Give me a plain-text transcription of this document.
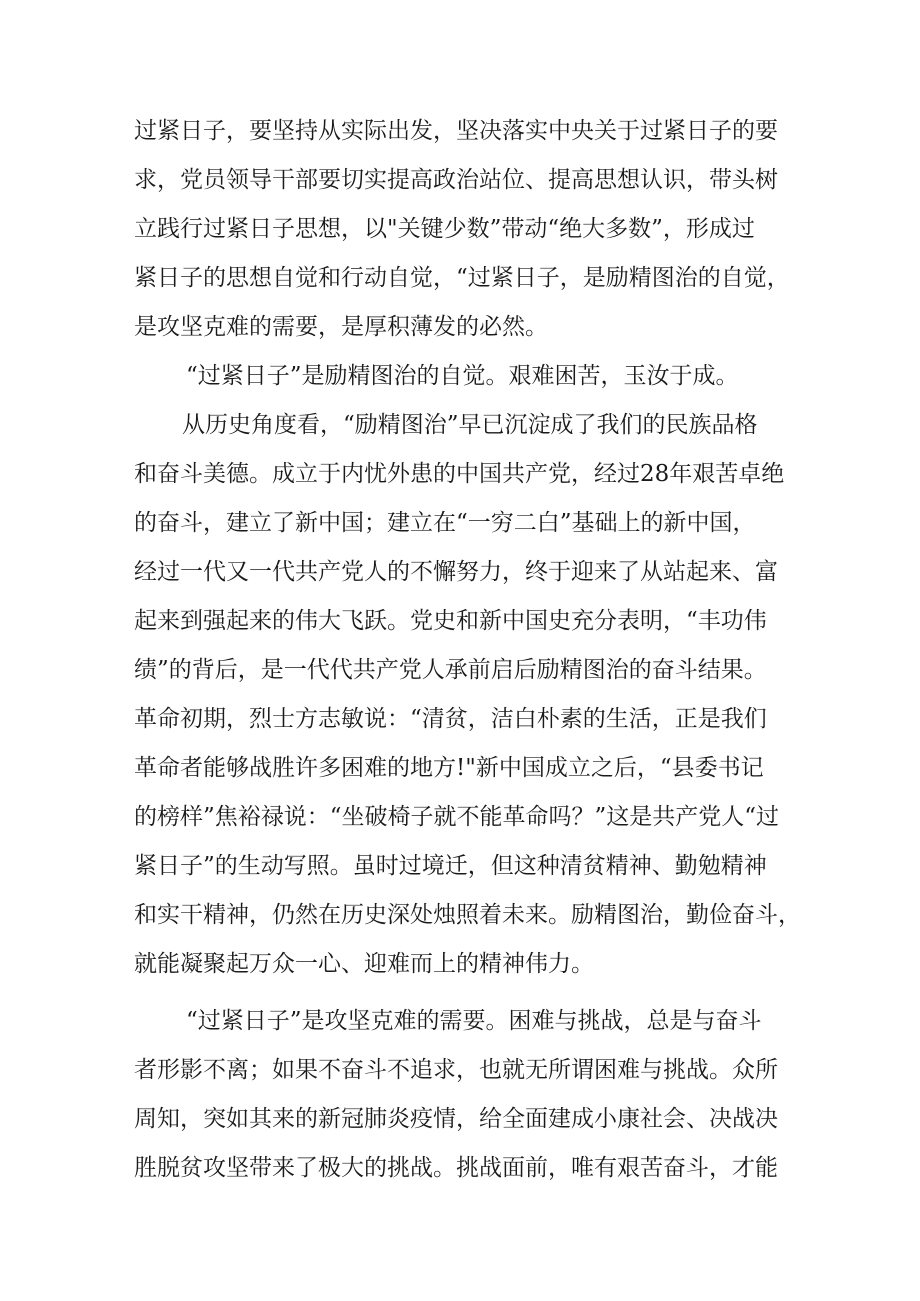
过紧日子，要坚持从实际出发，坚决落实中央关于过紧日子的要
求，党员领导干部要切实提高政治站位、提高思想认识，带头树
立践行过紧日子思想，以"关键少数”带动“绝大多数”，形成过
紧日子的思想自觉和行动自觉，“过紧日子，是励精图治的自觉，
是攻坚克难的需要，是厚积薄发的必然。
“过紧日子”是励精图治的自觉。艰难困苦，玉汝于成。
从历史角度看，“励精图治”早已沉淀成了我们的民族品格
和奋斗美德。成立于内忧外患的中国共产党，经过28年艰苦卓绝
的奋斗，建立了新中国；建立在“一穷二白”基础上的新中国，
经过一代又一代共产党人的不懈努力，终于迎来了从站起来、富
起来到强起来的伟大飞跃。党史和新中国史充分表明，“丰功伟
绩”的背后，是一代代共产党人承前启后励精图治的奋斗结果。
革命初期，烈士方志敏说：“清贫，洁白朴素的生活，正是我们
革命者能够战胜许多困难的地方!"新中国成立之后，“县委书记
的榜样”焦裕禄说：“坐破椅子就不能革命吗？”这是共产党人“过
紧日子”的生动写照。虽时过境迁，但这种清贫精神、勤勉精神
和实干精神，仍然在历史深处烛照着未来。励精图治，勤俭奋斗，
就能凝聚起万众一心、迎难而上的精神伟力。
“过紧日子”是攻坚克难的需要。困难与挑战，总是与奋斗
者形影不离；如果不奋斗不追求，也就无所谓困难与挑战。众所
周知，突如其来的新冠肺炎疫情，给全面建成小康社会、决战决
胜脱贫攻坚带来了极大的挑战。挑战面前，唯有艰苦奋斗，才能
